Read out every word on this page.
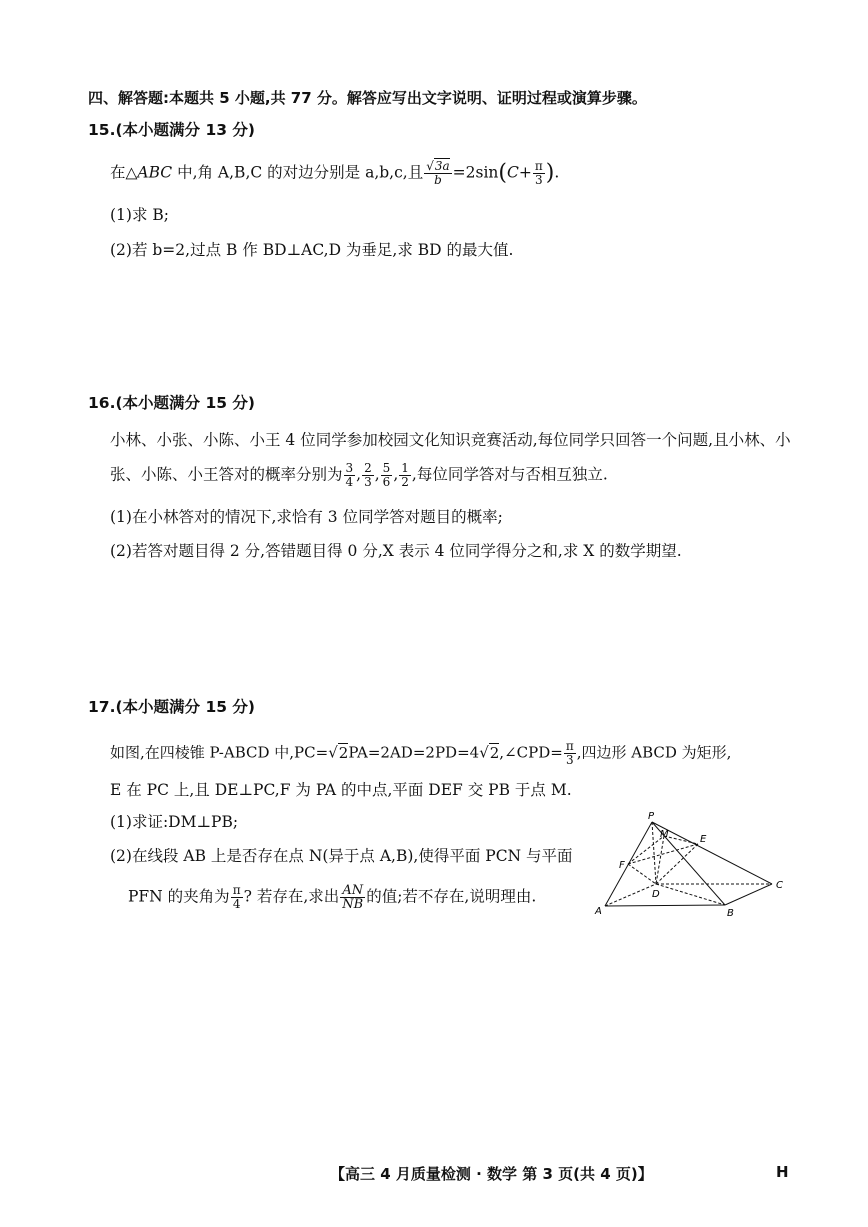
四、解答题:本题共 5 小题,共 77 分。解答应写出文字说明、证明过程或演算步骤。
15.(本小题满分 13 分)
在△ABC 中,角 A,B,C 的对边分别是 a,b,c,且 $\frac{√3a}{b} =2\sin(C+ \frac{\pi}{3}$ ).
(1)求 B;
(2)若 b=2,过点 B 作 BD⊥AC,D 为垂足,求 BD 的最大值.
16.(本小题满分 15 分)
小林、小张、小陈、小王 4 位同学参加校园文化知识竞赛活动,每位同学只回答一个问题,且小林、小
张、小陈、小王答对的概率分别为 $\frac{3}{4}$ , $\frac{2}{3}$ , $\frac{5}{6}$ , $\frac{1}{2}$ ,每位同学答对与否相互独立.
(1)在小林答对的情况下,求恰有 3 位同学答对题目的概率;
(2)若答对题目得 2 分,答错题目得 0 分,X 表示 4 位同学得分之和,求 X 的数学期望.
17.(本小题满分 15 分)
如图,在四棱锥 P-ABCD 中,PC=√2PA=2AD=2PD=4√2,∠CPD= $\frac{\pi}{3}$ ,四边形 ABCD 为矩形,
E 在 PC 上,且 DE⊥PC,F 为 PA 的中点,平面 DEF 交 PB 于点 M.
(1)求证:DM⊥PB;
(2)在线段 AB 上是否存在点 N(异于点 A,B),使得平面 PCN 与平面
PFN 的夹角为 $\frac{\pi}{4}$ ? 若存在,求出 $\frac{AN}{NB}$ 的值;若不存在,说明理由.
P
E
M
F
D
C
A	B
【高三 4 月质量检测 · 数学 第 3 页(共 4 页)】	H
